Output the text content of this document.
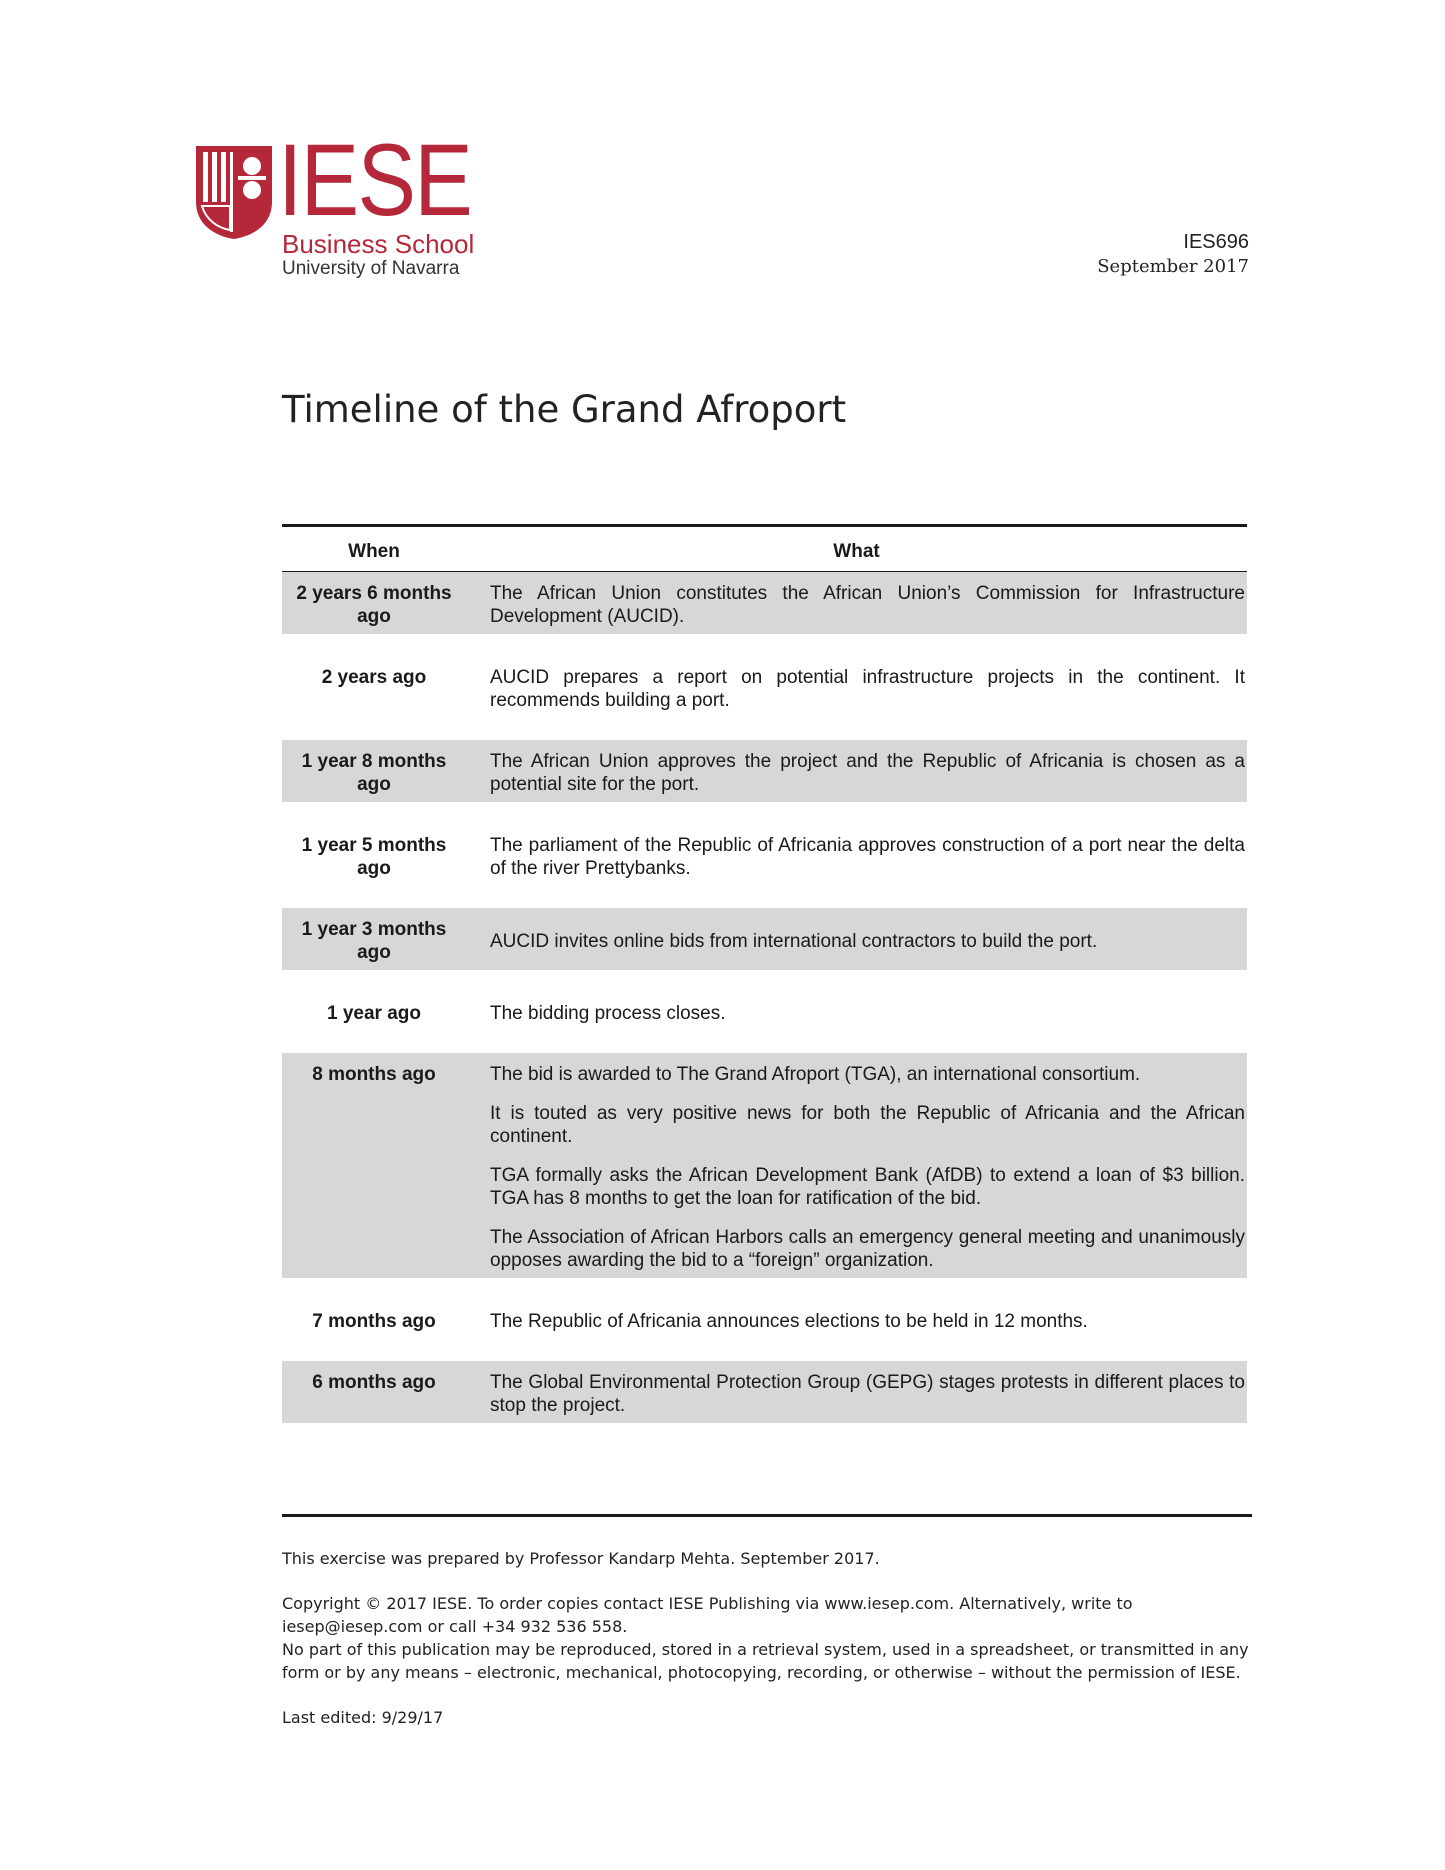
IESE
Business School
University of Navarra
IES696
September 2017
Timeline of the Grand Afroport
When	What
2 years 6 months ago	The African Union constitutes the African Union’s Commission for Infrastructure Development (AUCID).

2 years ago	AUCID prepares a report on potential infrastructure projects in the continent. It recommends building a port.

1 year 8 months ago	The African Union approves the project and the Republic of Africania is chosen as a potential site for the port.

1 year 5 months ago	The parliament of the Republic of Africania approves construction of a port near the delta of the river Prettybanks.

1 year 3 months ago	AUCID invites online bids from international contractors to build the port.

1 year ago	The bidding process closes.

8 months ago	The bid is awarded to The Grand Afroport (TGA), an international consortium.

It is touted as very positive news for both the Republic of Africania and the African continent.

TGA formally asks the African Development Bank (AfDB) to extend a loan of $3 billion. TGA has 8 months to get the loan for ratification of the bid.

The Association of African Harbors calls an emergency general meeting and unanimously opposes awarding the bid to a “foreign” organization.

7 months ago	The Republic of Africania announces elections to be held in 12 months.

6 months ago	The Global Environmental Protection Group (GEPG) stages protests in different places to stop the project.

This exercise was prepared by Professor Kandarp Mehta. September 2017.

Copyright © 2017 IESE. To order copies contact IESE Publishing via www.iesep.com. Alternatively, write to iesep@iesep.com or call +34 932 536 558.

No part of this publication may be reproduced, stored in a retrieval system, used in a spreadsheet, or transmitted in any form or by any means – electronic, mechanical, photocopying, recording, or otherwise – without the permission of IESE.

Last edited: 9/29/17
